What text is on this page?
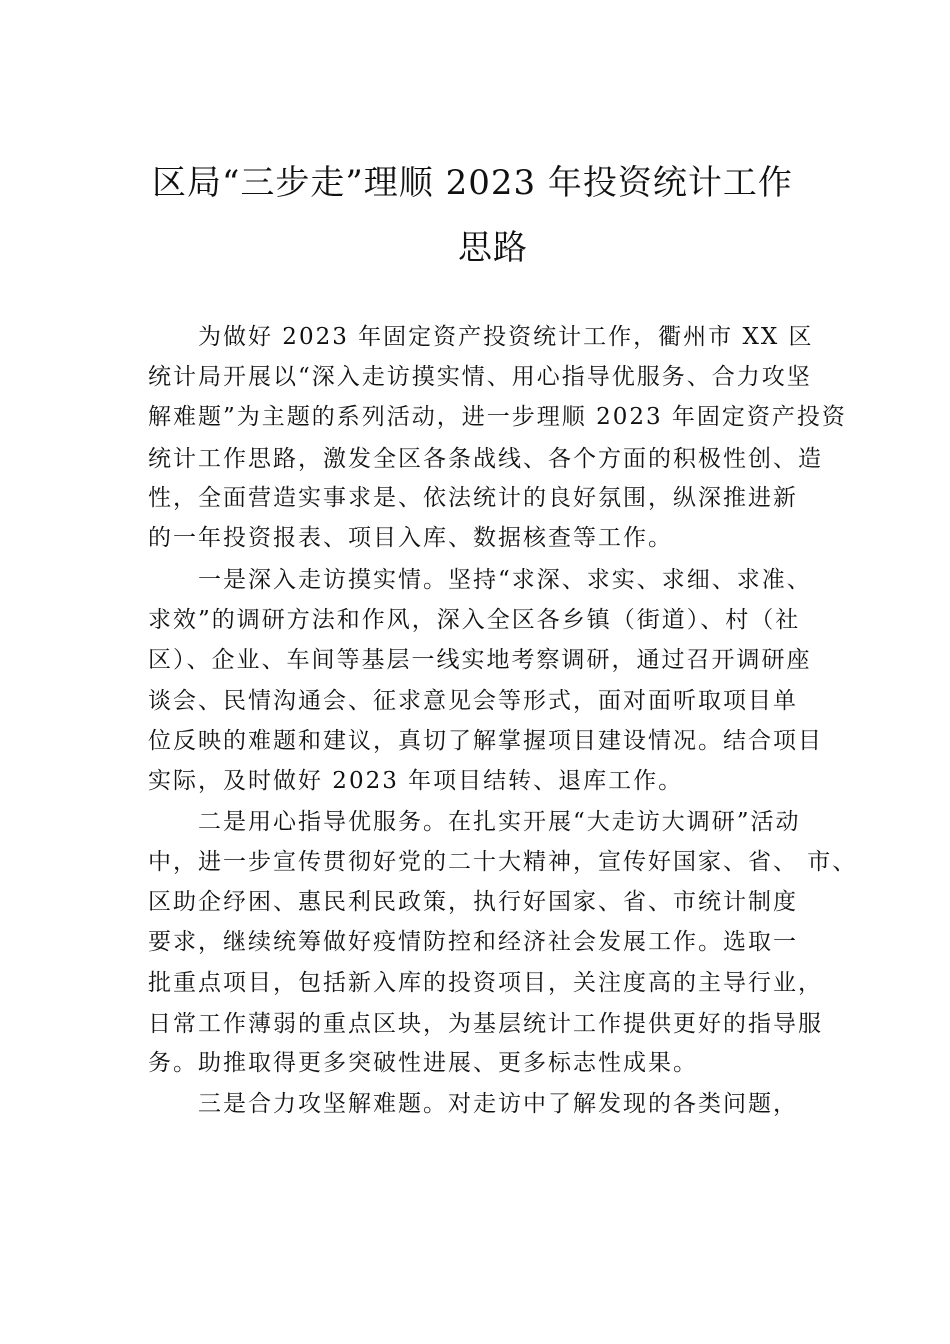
区局“三步走”理顺 2023 年投资统计工作
思路
为做好 2023 年固定资产投资统计工作，衢州市 XX 区
统计局开展以“深入走访摸实情、用心指导优服务、合力攻坚
解难题”为主题的系列活动，进一步理顺 2023 年固定资产投资
统计工作思路，激发全区各条战线、各个方面的积极性创、造
性，全面营造实事求是、依法统计的良好氛围，纵深推进新
的一年投资报表、项目入库、数据核查等工作。
一是深入走访摸实情。坚持“求深、求实、求细、求准、
求效”的调研方法和作风，深入全区各乡镇（街道）、村（社
区）、企业、车间等基层一线实地考察调研，通过召开调研座
谈会、民情沟通会、征求意见会等形式，面对面听取项目单
位反映的难题和建议，真切了解掌握项目建设情况。结合项目
实际，及时做好 2023 年项目结转、退库工作。
二是用心指导优服务。在扎实开展“大走访大调研”活动
中，进一步宣传贯彻好党的二十大精神，宣传好国家、省、 市、
区助企纾困、惠民利民政策，执行好国家、省、市统计制度
要求，继续统筹做好疫情防控和经济社会发展工作。选取一
批重点项目，包括新入库的投资项目，关注度高的主导行业，
日常工作薄弱的重点区块，为基层统计工作提供更好的指导服
务。助推取得更多突破性进展、更多标志性成果。
三是合力攻坚解难题。对走访中了解发现的各类问题，
